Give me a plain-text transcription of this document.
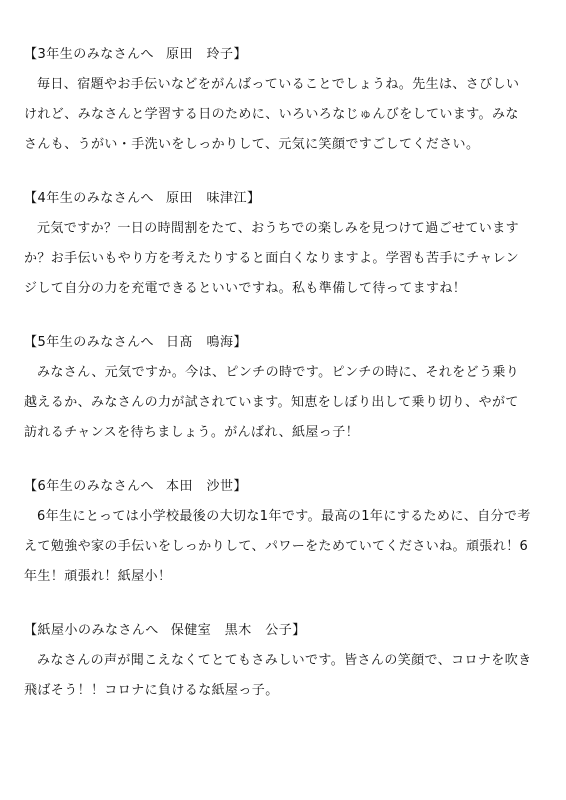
【3年生のみなさんへ 原田　玲子】
毎日、宿題やお手伝いなどをがんばっていることでしょうね。先生は、さびしいけれど、みなさんと学習する日のために、いろいろなじゅんびをしています。みなさんも、うがい・手洗いをしっかりして、元気に笑顔ですごしてください。
【4年生のみなさんへ 原田　味津江】
元気ですか？一日の時間割をたて、おうちでの楽しみを見つけて過ごせていますか？お手伝いもやり方を考えたりすると面白くなりますよ。学習も苦手にチャレンジして自分の力を充電できるといいですね。私も準備して待ってますね！
【5年生のみなさんへ 日髙　鳴海】
みなさん、元気ですか。今は、ピンチの時です。ピンチの時に、それをどう乗り越えるか、みなさんの力が試されています。知恵をしぼり出して乗り切り、やがて訪れるチャンスを待ちましょう。がんばれ、紙屋っ子！
【6年生のみなさんへ 本田　沙世】
6年生にとっては小学校最後の大切な1年です。最高の1年にするために、自分で考えて勉強や家の手伝いをしっかりして、パワーをためていてくださいね。頑張れ！6年生！頑張れ！紙屋小！
【紙屋小のみなさんへ 保健室　黒木　公子】
みなさんの声が聞こえなくてとてもさみしいです。皆さんの笑顔で、コロナを吹き飛ばそう！！コロナに負けるな紙屋っ子。
